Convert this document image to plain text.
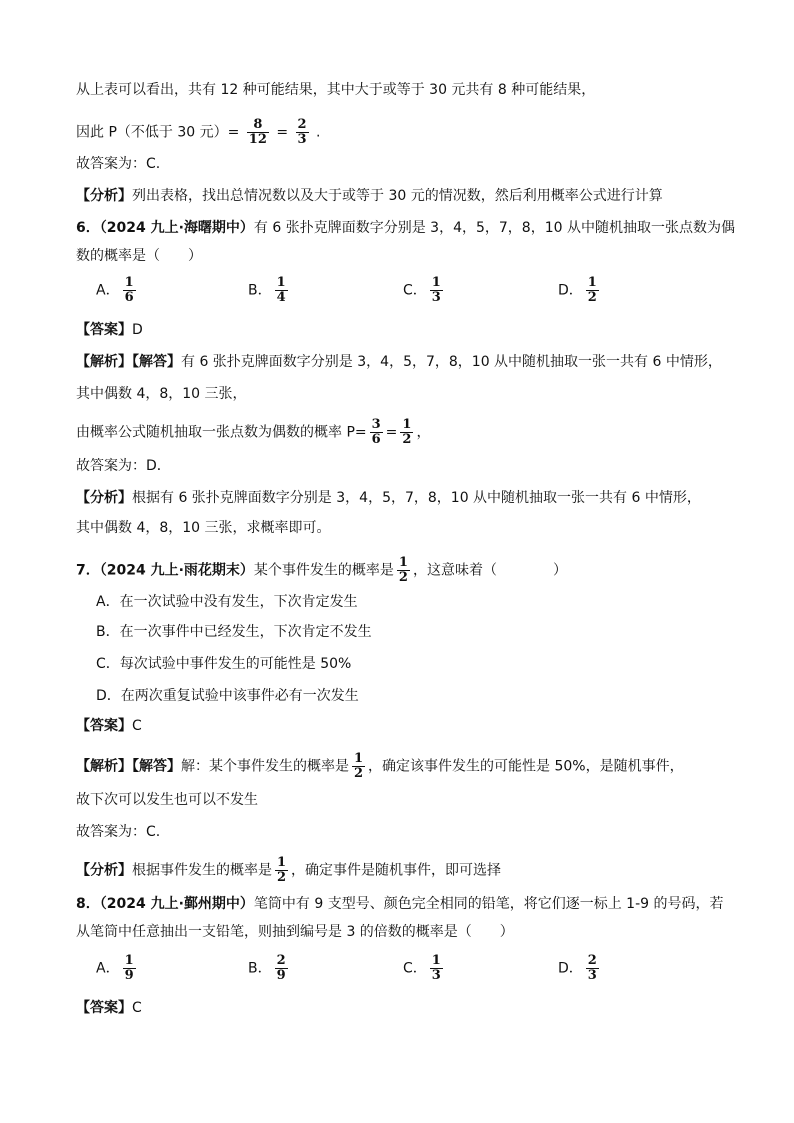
从上表可以看出，共有 12 种可能结果，其中大于或等于 30 元共有 8 种可能结果，
因此 P（不低于 30 元）= $\frac{8}{12} = \frac{2}{3}$ .
故答案为：C.
【分析】列出表格，找出总情况数以及大于或等于 30 元的情况数，然后利用概率公式进行计算
6．（2024 九上·海曙期中）有 6 张扑克牌面数字分别是 3，4，5，7，8，10 从中随机抽取一张点数为偶
数的概率是（　　）
A． $\frac{1}{6}$	B． $\frac{1}{4}$	C． $\frac{1}{3}$	D． $\frac{1}{2}$
【答案】D
【解析】【解答】有 6 张扑克牌面数字分别是 3，4，5，7，8，10 从中随机抽取一张一共有 6 中情形，
其中偶数 4，8，10 三张，
由概率公式随机抽取一张点数为偶数的概率 $P= \frac{3}{6} = \frac{1}{2}$ ，
故答案为：D．
【分析】根据有 6 张扑克牌面数字分别是 3，4，5，7，8，10 从中随机抽取一张一共有 6 中情形，
其中偶数 4，8，10 三张，求概率即可。
7．（2024 九上·雨花期末）某个事件发生的概率是 $\frac{1}{2}$ ，这意味着（　　　　）
A．在一次试验中没有发生，下次肯定发生
B．在一次事件中已经发生，下次肯定不发生
C．每次试验中事件发生的可能性是 50%
D．在两次重复试验中该事件必有一次发生
【答案】C
【解析】【解答】解：某个事件发生的概率是 $\frac{1}{2}$ ，确定该事件发生的可能性是 50%，是随机事件，
故下次可以发生也可以不发生
故答案为：C.
【分析】根据事件发生的概率是 $\frac{1}{2}$ ，确定事件是随机事件，即可选择
8．（2024 九上·鄞州期中）笔筒中有 9 支型号、颜色完全相同的铅笔，将它们逐一标上 1-9 的号码，若
从笔筒中任意抽出一支铅笔，则抽到编号是 3 的倍数的概率是（　　）
A． $\frac{1}{9}$	B． $\frac{2}{9}$	C． $\frac{1}{3}$	D． $\frac{2}{3}$
【答案】C
